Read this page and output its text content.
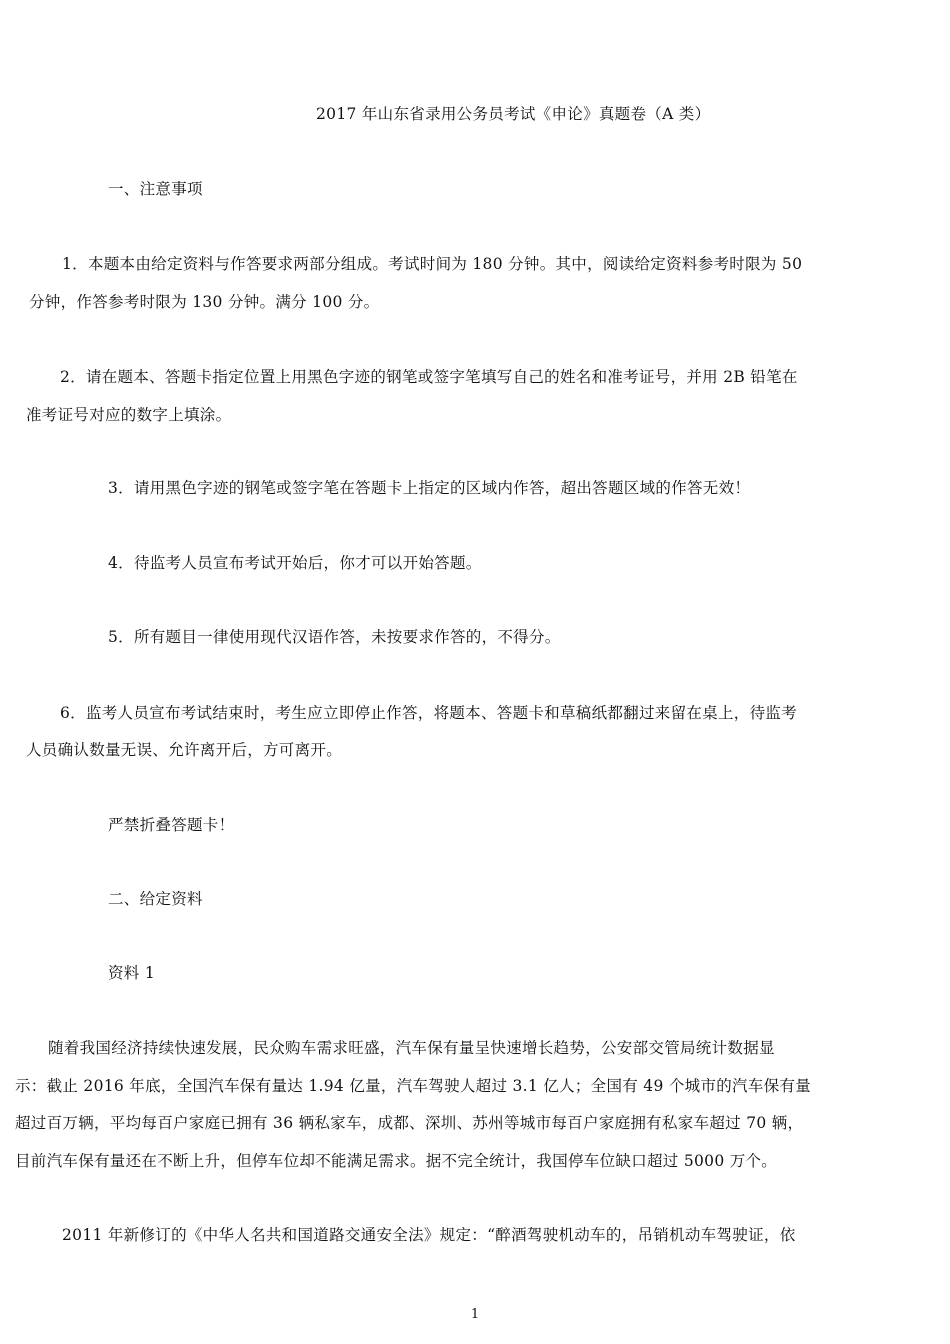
2017 年山东省录用公务员考试《申论》真题卷（A 类）
一、注意事项
1．本题本由给定资料与作答要求两部分组成。考试时间为 180 分钟。其中，阅读给定资料参考时限为 50
分钟，作答参考时限为 130 分钟。满分 100 分。
2．请在题本、答题卡指定位置上用黑色字迹的钢笔或签字笔填写自己的姓名和准考证号，并用 2B 铅笔在
准考证号对应的数字上填涂。
3．请用黑色字迹的钢笔或签字笔在答题卡上指定的区域内作答，超出答题区域的作答无效！
4．待监考人员宣布考试开始后，你才可以开始答题。
5．所有题目一律使用现代汉语作答，未按要求作答的，不得分。
6．监考人员宣布考试结束时，考生应立即停止作答，将题本、答题卡和草稿纸都翻过来留在桌上，待监考
人员确认数量无误、允许离开后，方可离开。
严禁折叠答题卡！
二、给定资料
资料 1
随着我国经济持续快速发展，民众购车需求旺盛，汽车保有量呈快速增长趋势，公安部交管局统计数据显
示：截止 2016 年底，全国汽车保有量达 1.94 亿量，汽车驾驶人超过 3.1 亿人；全国有 49 个城市的汽车保有量
超过百万辆，平均每百户家庭已拥有 36 辆私家车，成都、深圳、苏州等城市每百户家庭拥有私家车超过 70 辆，
目前汽车保有量还在不断上升，但停车位却不能满足需求。据不完全统计，我国停车位缺口超过 5000 万个。
2011 年新修订的《中华人名共和国道路交通安全法》规定：“醉酒驾驶机动车的，吊销机动车驾驶证，依
1
